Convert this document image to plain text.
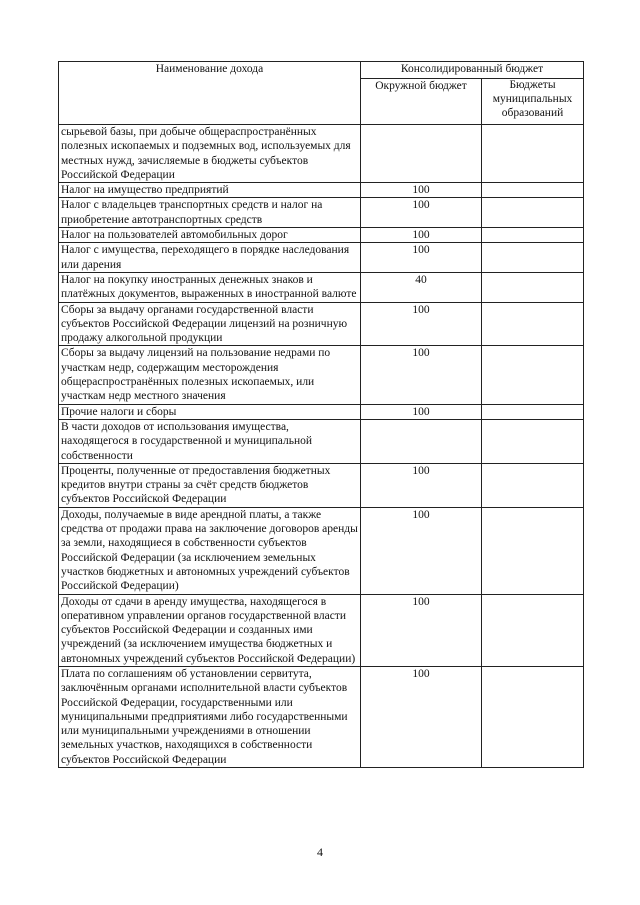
Наименование дохода	Консолидированный бюджет	
	Окружной бюджет	Бюджеты муниципальных образований
сырьевой базы, при добыче общераспространённых полезных ископаемых и подземных вод, используемых для местных нужд, зачисляемые в бюджеты субъектов Российской Федерации		
Налог на имущество предприятий	100	
Налог с владельцев транспортных средств и налог на приобретение автотранспортных средств	100	
Налог на пользователей автомобильных дорог	100	
Налог с имущества, переходящего в порядке наследования или дарения	100	
Налог на покупку иностранных денежных знаков и платёжных документов, выраженных в иностранной валюте	40	
Сборы за выдачу органами государственной власти субъектов Российской Федерации лицензий на розничную продажу алкогольной продукции	100	
Сборы за выдачу лицензий на пользование недрами по участкам недр, содержащим месторождения общераспространённых полезных ископаемых, или участкам недр местного значения	100	
Прочие налоги и сборы	100	
В части доходов от использования имущества, находящегося в государственной и муниципальной собственности		
Проценты, полученные от предоставления бюджетных кредитов внутри страны за счёт средств бюджетов субъектов Российской Федерации	100	
Доходы, получаемые в виде арендной платы, а также средства от продажи права на заключение договоров аренды за земли, находящиеся в собственности субъектов Российской Федерации (за исключением земельных участков бюджетных и автономных учреждений субъектов Российской Федерации)	100	
Доходы от сдачи в аренду имущества, находящегося в оперативном управлении органов государственной власти субъектов Российской Федерации и созданных ими учреждений (за исключением имущества бюджетных и автономных учреждений субъектов Российской Федерации)	100	
Плата по соглашениям об установлении сервитута, заключённым органами исполнительной власти субъектов Российской Федерации, государственными или муниципальными предприятиями либо государственными или муниципальными учреждениями в отношении земельных участков, находящихся в собственности субъектов Российской Федерации	100	
4
